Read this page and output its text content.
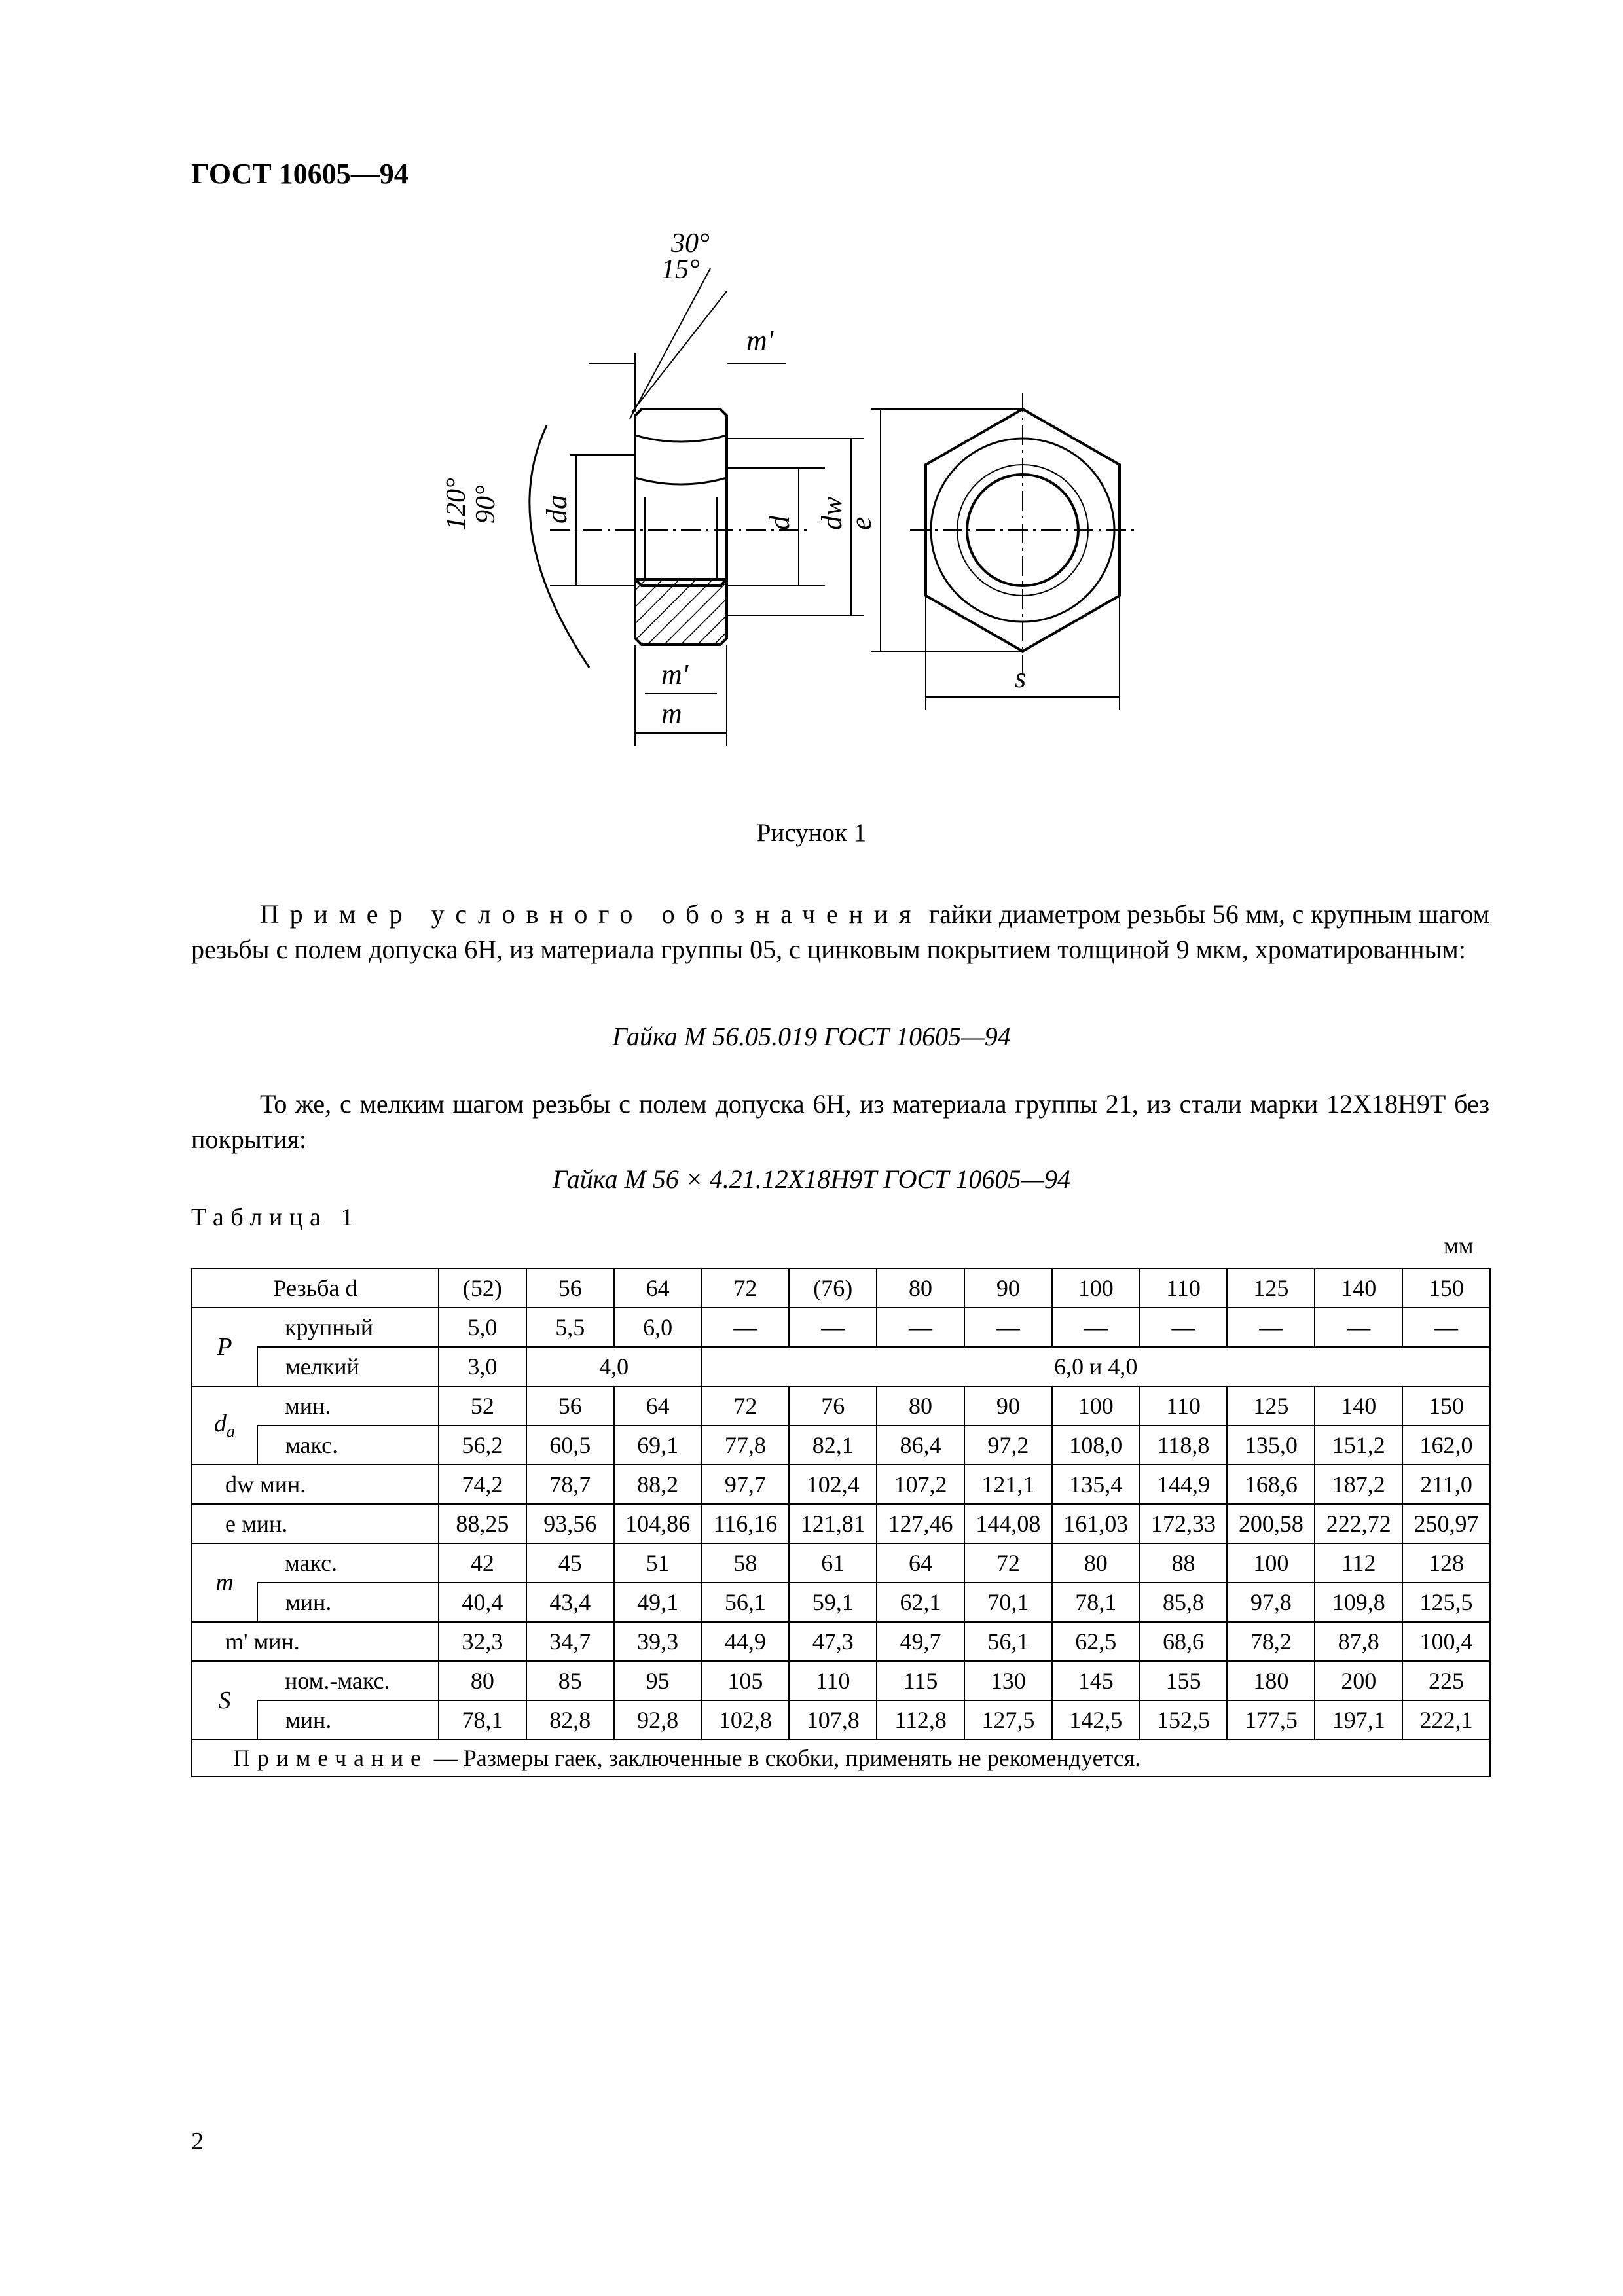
ГОСТ 10605—94
30°
15°
m'
120° 90° da	d dw
m'
m
e
s
Рисунок 1
Пример условного обозначения гайки диаметром резьбы 56 мм, с крупным шагом резьбы с полем допуска 6Н, из материала группы 05, с цинковым покрытием толщиной 9 мкм, хроматированным:
Гайка М 56.05.019 ГОСТ 10605—94
То же, с мелким шагом резьбы с полем допуска 6Н, из материала группы 21, из стали марки 12Х18Н9Т без покрытия:
Гайка М 56 × 4.21.12Х18Н9Т ГОСТ 10605—94
Таблица 1
мм
Резьба d		(52)	56	64	72	(76)	80	90	100	110	125	140	150
P	крупный	5,0	5,5	6,0	—	—	—	—	—	—	—	—	—
	мелкий	3,0	4,0		6,0 и 4,0								
$d_a$	мин.	52	56	64	72	76	80	90	100	110	125	140	150
	макс.	56,2	60,5	69,1	77,8	82,1	86,4	97,2	108,0	118,8	135,0	151,2	162,0
dw мин.		74,2	78,7	88,2	97,7	102,4	107,2	121,1	135,4	144,9	168,6	187,2	211,0
е мин.		88,25	93,56	104,86	116,16	121,81	127,46	144,08	161,03	172,33	200,58	222,72	250,97
m	макс.	42	45	51	58	61	64	72	80	88	100	112	128
	мин.	40,4	43,4	49,1	56,1	59,1	62,1	70,1	78,1	85,8	97,8	109,8	125,5
m' мин.		32,3	34,7	39,3	44,9	47,3	49,7	56,1	62,5	68,6	78,2	87,8	100,4
S	ном.-макс.	80	85	95	105	110	115	130	145	155	180	200	225
	мин.	78,1	82,8	92,8	102,8	107,8	112,8	127,5	142,5	152,5	177,5	197,1	222,1
Примечание — Размеры гаек, заключенные в скобки, применять не рекомендуется.													
2
